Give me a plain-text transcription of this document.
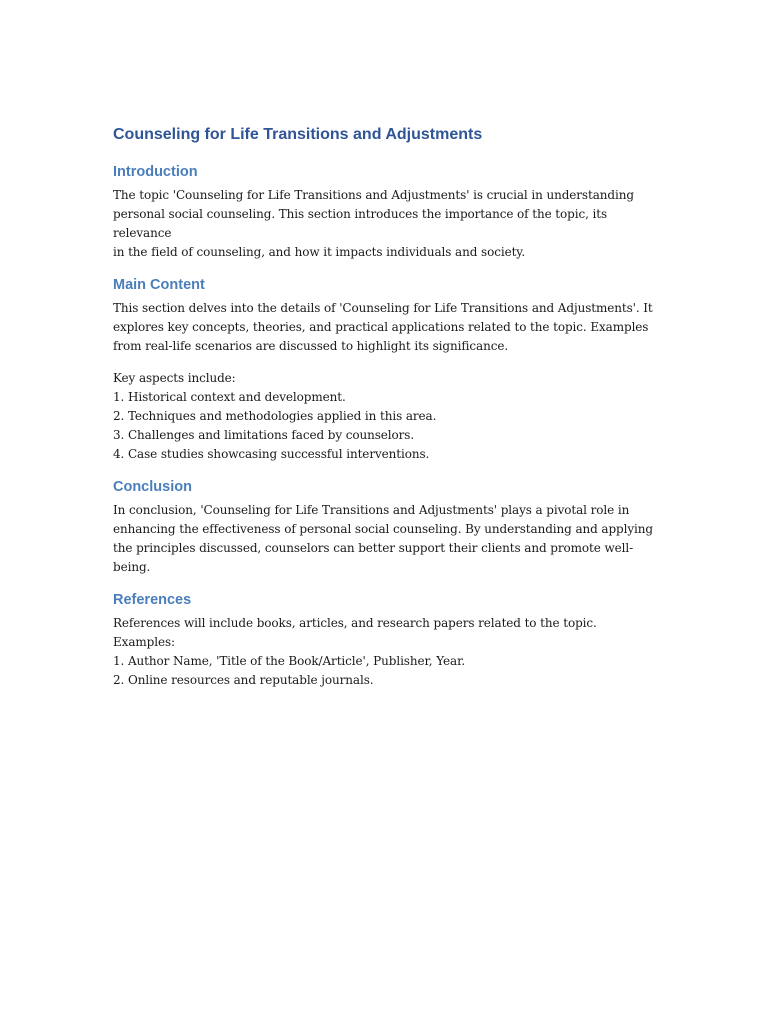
Counseling for Life Transitions and Adjustments
Introduction

The topic 'Counseling for Life Transitions and Adjustments' is crucial in understanding
personal social counseling. This section introduces the importance of the topic, its relevance
in the field of counseling, and how it impacts individuals and society.

Main Content

This section delves into the details of 'Counseling for Life Transitions and Adjustments'. It
explores key concepts, theories, and practical applications related to the topic. Examples
from real-life scenarios are discussed to highlight its significance.

Key aspects include:
1. Historical context and development.
2. Techniques and methodologies applied in this area.
3. Challenges and limitations faced by counselors.
4. Case studies showcasing successful interventions.

Conclusion

In conclusion, 'Counseling for Life Transitions and Adjustments' plays a pivotal role in
enhancing the effectiveness of personal social counseling. By understanding and applying
the principles discussed, counselors can better support their clients and promote well-
being.

References

References will include books, articles, and research papers related to the topic. Examples:
1. Author Name, 'Title of the Book/Article', Publisher, Year.
2. Online resources and reputable journals.
